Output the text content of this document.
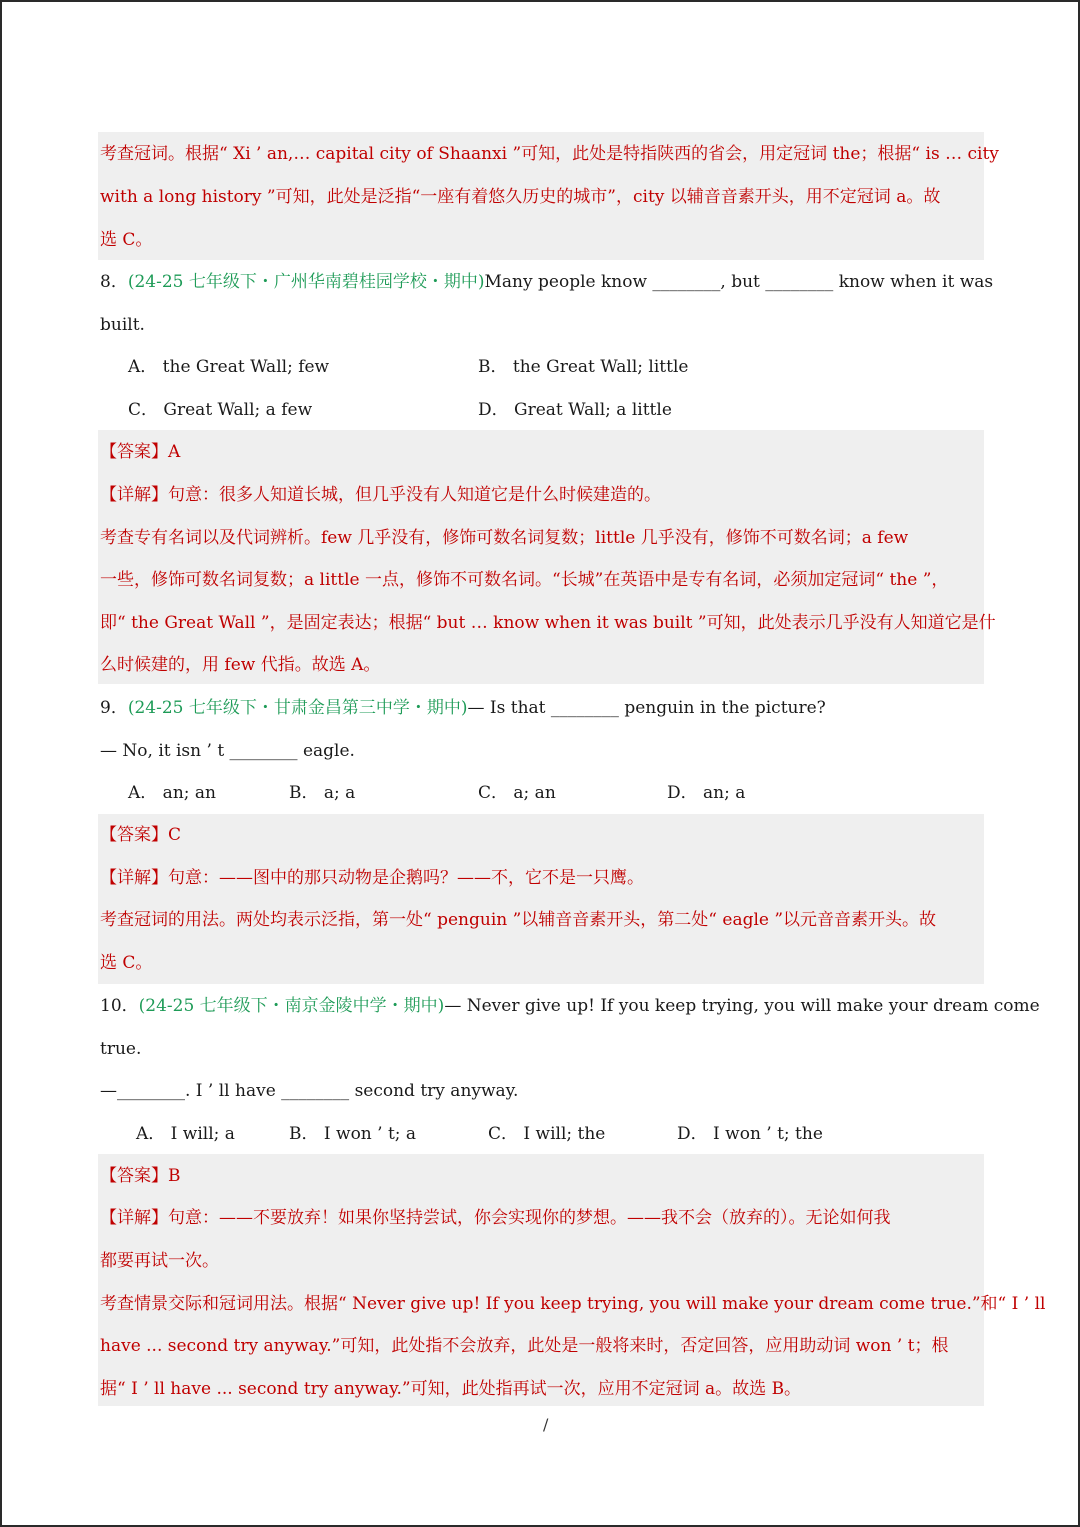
考查冠词。根据“ Xi ’ an,… capital city of Shaanxi ”可知，此处是特指陕西的省会，用定冠词 the；根据“ is … city
with a long history ”可知，此处是泛指“一座有着悠久历史的城市”，city 以辅音音素开头，用不定冠词 a。故
选 C。
8．(24-25 七年级下・广州华南碧桂园学校・期中)Many people know ________, but ________ know when it was
built.
A． the Great Wall; few	B． the Great Wall; little
C． Great Wall; a few	D． Great Wall; a little
【答案】A
【详解】句意：很多人知道长城，但几乎没有人知道它是什么时候建造的。
考查专有名词以及代词辨析。few 几乎没有，修饰可数名词复数；little 几乎没有，修饰不可数名词；a few
一些，修饰可数名词复数；a little 一点，修饰不可数名词。“长城”在英语中是专有名词，必须加定冠词“ the ”，
即“ the Great Wall ”，是固定表达；根据“ but … know when it was built ”可知，此处表示几乎没有人知道它是什
么时候建的，用 few 代指。故选 A。
9．(24-25 七年级下・甘肃金昌第三中学・期中)— Is that ________ penguin in the picture?
— No, it isn ’ t ________ eagle.
A． an; an	B． a; a	C． a; an	D． an; a
【答案】C
【详解】句意：——图中的那只动物是企鹅吗？——不，它不是一只鹰。
考查冠词的用法。两处均表示泛指，第一处“ penguin ”以辅音音素开头，第二处“ eagle ”以元音音素开头。故
选 C。
10．(24-25 七年级下・南京金陵中学・期中)— Never give up! If you keep trying, you will make your dream come
true.
—________. I ’ ll have ________ second try anyway.
A． I will; a	B． I won ’ t; a	C． I will; the	D． I won ’ t; the
【答案】B
【详解】句意：——不要放弃！如果你坚持尝试，你会实现你的梦想。——我不会（放弃的）。无论如何我
都要再试一次。
考查情景交际和冠词用法。根据“ Never give up! If you keep trying, you will make your dream come true.”和“ I ’ ll
have ... second try anyway.”可知，此处指不会放弃，此处是一般将来时，否定回答，应用助动词 won ’ t；根
据“ I ’ ll have ... second try anyway.”可知，此处指再试一次，应用不定冠词 a。故选 B。
/
